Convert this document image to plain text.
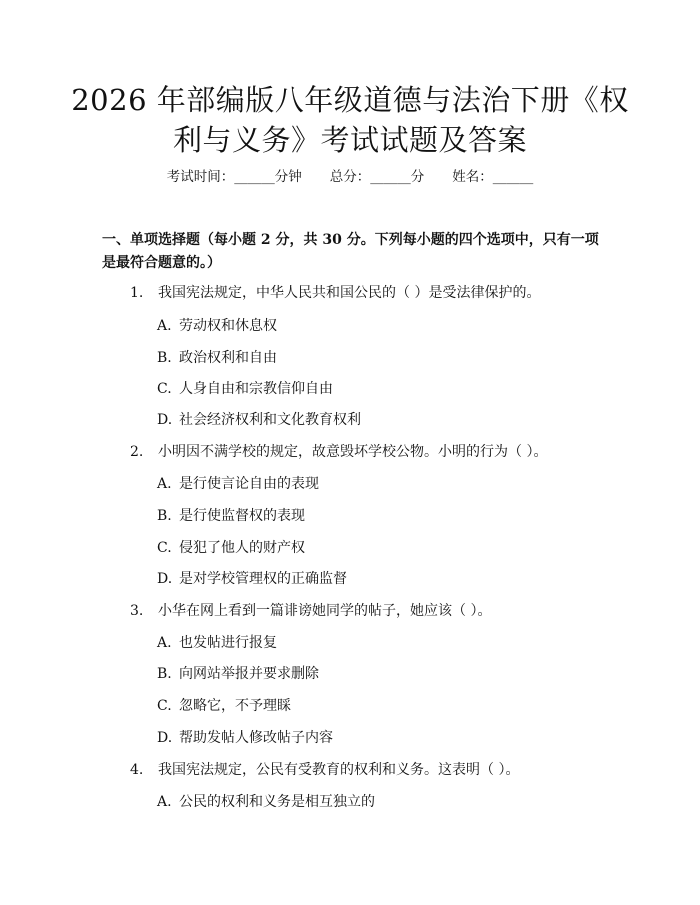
2026 年部编版八年级道德与法治下册《权利与义务》考试试题及答案
考试时间：______分钟 总分：______分 姓名：______
一、单项选择题（每小题 2 分，共 30 分。下列每小题的四个选项中，只有一项是最符合题意的。）
1. 我国宪法规定，中华人民共和国公民的（ ）是受法律保护的。
A. 劳动权和休息权
B. 政治权利和自由
C. 人身自由和宗教信仰自由
D. 社会经济权利和文化教育权利
2. 小明因不满学校的规定，故意毁坏学校公物。小明的行为（ ）。
A. 是行使言论自由的表现
B. 是行使监督权的表现
C. 侵犯了他人的财产权
D. 是对学校管理权的正确监督
3. 小华在网上看到一篇诽谤她同学的帖子，她应该（ ）。
A. 也发帖进行报复
B. 向网站举报并要求删除
C. 忽略它，不予理睬
D. 帮助发帖人修改帖子内容
4. 我国宪法规定，公民有受教育的权利和义务。这表明（ ）。
A. 公民的权利和义务是相互独立的
